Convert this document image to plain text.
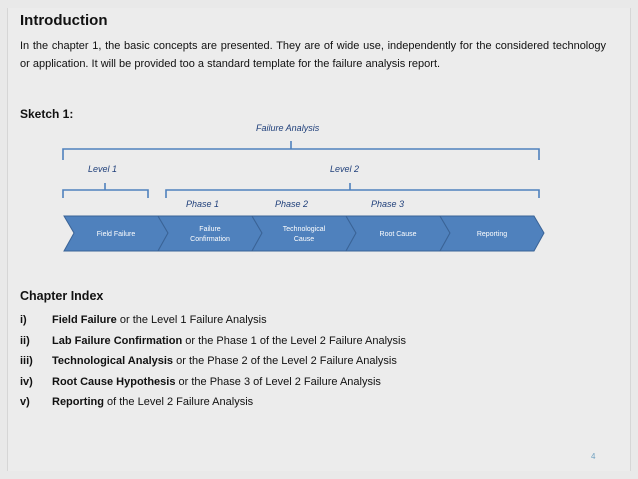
Introduction
In the chapter 1, the basic concepts are presented. They are of wide use, independently for the considered technology or application. It will be provided too a standard template for the failure analysis report.
Sketch 1:
Failure Analysis
Level 1	Level 2
Phase 1	Phase 2	Phase 3
Field Failure
Failure
Confirmation
Technological
Cause
Root Cause	Reporting
Chapter Index
i)	Field Failure or the Level 1 Failure Analysis
ii)	Lab Failure Confirmation or the Phase 1 of the Level 2 Failure Analysis
iii)	Technological Analysis or the Phase 2 of the Level 2 Failure Analysis
iv)	Root Cause Hypothesis or the Phase 3 of Level 2 Failure Analysis
v)	Reporting of the Level 2 Failure Analysis
4
